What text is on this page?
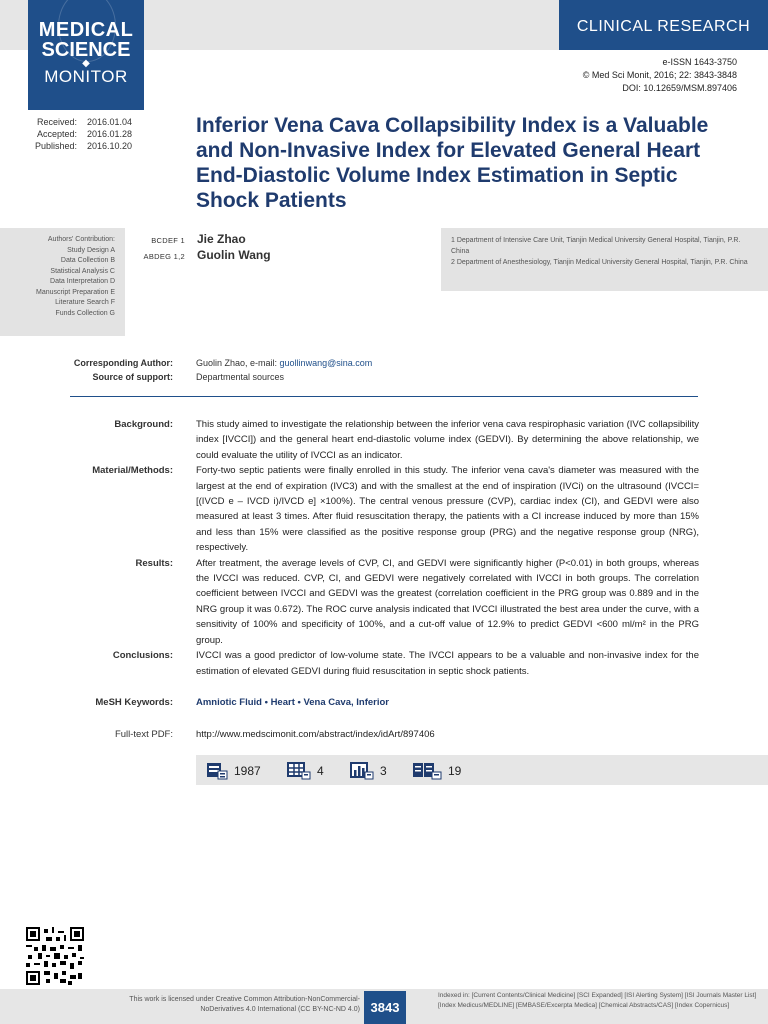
MEDICAL
SCIENCE
◆
MONITOR
CLINICAL RESEARCH
e-ISSN 1643-3750
© Med Sci Monit, 2016; 22: 3843-3848
DOI: 10.12659/MSM.897406
Received: 2016.01.04
Accepted: 2016.01.28
Published: 2016.10.20
Inferior Vena Cava Collapsibility Index is a Valuable and Non-Invasive Index for Elevated General Heart End-Diastolic Volume Index Estimation in Septic Shock Patients
Authors' Contribution:
Study Design A
Data Collection B
Statistical Analysis C
Data Interpretation D
Manuscript Preparation E
Literature Search F
Funds Collection G
BCDEF 1 Jie Zhao
ABDEG 1,2 Guolin Wang
1 Department of Intensive Care Unit, Tianjin Medical University General Hospital, Tianjin, P.R. China
2 Department of Anesthesiology, Tianjin Medical University General Hospital, Tianjin, P.R. China
Corresponding Author:	Guolin Zhao, e-mail: guollinwang@sina.com
Source of support:	Departmental sources
Background: This study aimed to investigate the relationship between the inferior vena cava respirophasic variation (IVC collapsibility index [IVCCI]) and the general heart end-diastolic volume index (GEDVI). By determining the above relationship, we could evaluate the utility of IVCCI as an indicator.
Material/Methods: Forty-two septic patients were finally enrolled in this study. The inferior vena cava's diameter was measured with the largest at the end of expiration (IVC3) and with the smallest at the end of inspiration (IVCi) on the ultrasound (IVCCI=[(IVCD e – IVCD i)/IVCD e] ×100%). The central venous pressure (CVP), cardiac index (CI), and GEDVI were also measured at least 3 times. After fluid resuscitation therapy, the patients with a CI increase induced by more than 15% and less than 15% were classified as the positive response group (PRG) and the negative response group (NRG), respectively.
Results: After treatment, the average levels of CVP, CI, and GEDVI were significantly higher (P<0.01) in both groups, whereas the IVCCI was reduced. CVP, CI, and GEDVI were negatively correlated with IVCCI in both groups. The correlation coefficient between IVCCI and GEDVI was the greatest (correlation coefficient in the PRG group was 0.889 and in the NRG group it was 0.672). The ROC curve analysis indicated that IVCCI illustrated the best area under the curve, with a sensitivity of 100% and specificity of 100%, and a cut-off value of 12.9% to predict GEDVI <600 ml/m² in the PRG group.
Conclusions: IVCCI was a good predictor of low-volume state. The IVCCI appears to be a valuable and non-invasive index for the estimation of elevated GEDVI during fluid resuscitation in septic shock patients.
MeSH Keywords: Amniotic Fluid • Heart • Vena Cava, Inferior
Full-text PDF: http://www.medscimonit.com/abstract/index/idArt/897406
1987	4	3	19
This work is licensed under Creative Common Attribution-NonCommercial-NoDerivatives 4.0 International (CC BY-NC-ND 4.0) 3843
Indexed in: [Current Contents/Clinical Medicine] [SCI Expanded] [ISI Alerting System] [ISI Journals Master List] [Index Medicus/MEDLINE] [EMBASE/Excerpta Medica] [Chemical Abstracts/CAS] [Index Copernicus]
